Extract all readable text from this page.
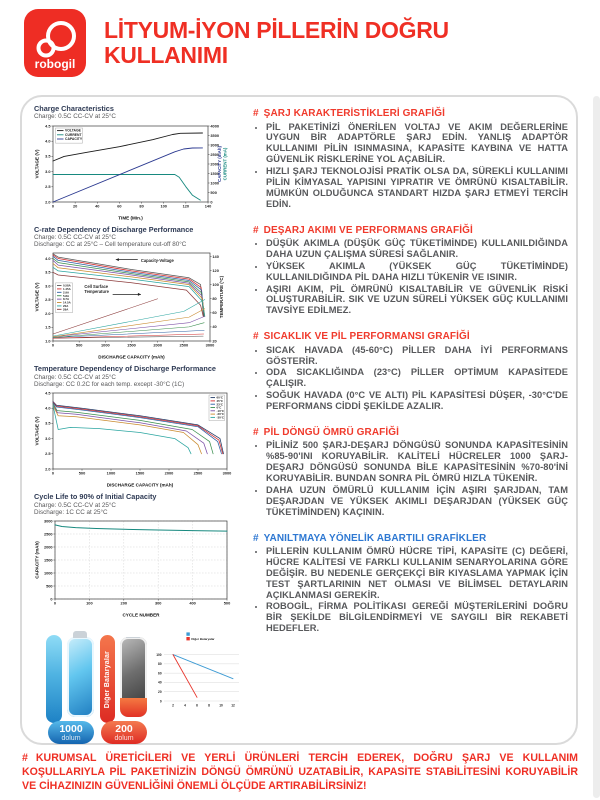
robogil
LİTYUM-İYON PİLLERİN DOĞRU KULLANIMI
Charge Characteristics
Charge: 0.5C CC-CV at 25°C
0	20	40	60	80	100	120	140
2.0
2.5
3.0
3.5
4.0
4.5
0
500
1000
1500
2000
2500
3000
3500
4000
TIME (Min.)
VOLTAGE (V)	CAPACITY (mAh) CURRENT (mA)
VOLTAGE
CURRENT
CAPACITY
C-rate Dependency of Discharge Performance
Charge: 0.5C CC-CV at 25°C
Discharge: CC at 25°C – Cell temperature cut-off 80°C
0	500	1000	1500	2000	2500	3000
1.0
1.5
2.0
2.5
3.0
3.5
4.0
20
40
60
80
100
120
140
DISCHARGE CAPACITY (mAh)
VOLTAGE (V)	TEMPERATURE (°C)
0.58A
1.45A
2.9A
5.8A
8.7A
14.5A
20A
29A
Capacity-Voltage
Cell Surface
Temperature
Temperature Dependency of Discharge Performance
Charge: 0.5C CC-CV at 25°C
Discharge: CC 0.2C for each temp. except -30°C (1C)
0	500	1000	1500	2000	2500	3000
2.0
2.5
3.0
3.5
4.0
4.5
DISCHARGE CAPACITY (mAh)
VOLTAGE (V)
60°C
45°C
23°C
0°C
-10°C
-20°C
-30°C
Cycle Life to 90% of Initial Capacity
Charge: 0.5C CC-CV at 25°C
Discharge: 1C CC at 25°C
0	100	200	300	400	500
0
500
1000
1500
2000
2500
3000
CYCLE NUMBER
CAPACITY (mAh)
1000
dolum
Diğer Bataryalar
200
dolum
2	4	6	8	10	12
0
20
40
60
80
100
Diğer Bataryalar
# ŞARJ KARAKTERİSTİKLERİ GRAFİĞİ
• PİL PAKETİNİZİ ÖNERİLEN VOLTAJ VE AKIM DEĞERLERİNE UYGUN BİR ADAPTÖRLE ŞARJ EDİN. YANLIŞ ADAPTÖR KULLANIMI PİLİN ISINMASINA, KAPASİTE KAYBINA VE HATTA GÜVENLİK RİSKLERİNE YOL AÇABİLİR.
• HIZLI ŞARJ TEKNOLOJİSİ PRATİK OLSA DA, SÜREKLİ KULLANIMI PİLİN KİMYASAL YAPISINI YIPRATIR VE ÖMRÜNÜ KISALTABİLİR. MÜMKÜN OLDUĞUNCA STANDART HIZDA ŞARJ ETMEYİ TERCİH EDİN.
# DEŞARJ AKIMI VE PERFORMANS GRAFİĞİ
• DÜŞÜK AKIMLA (DÜŞÜK GÜÇ TÜKETİMİNDE) KULLANILDIĞINDA DAHA UZUN ÇALIŞMA SÜRESİ SAĞLANIR.
• YÜKSEK AKIMLA (YÜKSEK GÜÇ TÜKETİMİNDE) KULLANILDIĞINDA PİL DAHA HIZLI TÜKENİR VE ISINIR.
• AŞIRI AKIM, PİL ÖMRÜNÜ KISALTABİLİR VE GÜVENLİK RİSKİ OLUŞTURABİLİR. SIK VE UZUN SÜRELİ YÜKSEK GÜÇ KULLANIMI TAVSİYE EDİLMEZ.
# SICAKLIK VE PİL PERFORMANSI GRAFİĞİ
• SICAK HAVADA (45-60°C) PİLLER DAHA İYİ PERFORMANS GÖSTERİR.
• ODA SICAKLIĞINDA (23°C) PİLLER OPTİMUM KAPASİTEDE ÇALIŞIR.
• SOĞUK HAVADA (0°C VE ALTI) PİL KAPASİTESİ DÜŞER, -30°C'DE PERFORMANS CİDDİ ŞEKİLDE AZALIR.
# PİL DÖNGÜ ÖMRÜ GRAFİĞİ
• PİLİNİZ 500 ŞARJ-DEŞARJ DÖNGÜSÜ SONUNDA KAPASİTESİNİN %85-90'INI KORUYABİLİR. KALİTELİ HÜCRELER 1000 ŞARJ-DEŞARJ DÖNGÜSÜ SONUNDA BİLE KAPASİTESİNİN %70-80'İNİ KORUYABİLİR. BUNDAN SONRA PİL ÖMRÜ HIZLA TÜKENİR.
• DAHA UZUN ÖMÜRLÜ KULLANIM İÇİN AŞIRI ŞARJDAN, TAM DEŞARJDAN VE YÜKSEK AKIMLI DEŞARJDAN (YÜKSEK GÜÇ TÜKETİMİNDEN) KAÇININ.
# YANILTMAYA YÖNELİK ABARTILI GRAFİKLER
• PİLLERİN KULLANIM ÖMRÜ HÜCRE TİPİ, KAPASİTE (C) DEĞERİ, HÜCRE KALİTESİ VE FARKLI KULLANIM SENARYOLARINA GÖRE DEĞİŞİR. BU NEDENLE GERÇEKÇİ BİR KIYASLAMA YAPMAK İÇİN TEST ŞARTLARININ NET OLMASI VE BİLİMSEL DETAYLARIN AÇIKLANMASI GEREKİR.
• ROBOGİL, FİRMA POLİTİKASI GEREĞİ MÜŞTERİLERİNİ DOĞRU BİR ŞEKİLDE BİLGİLENDİRMEYİ VE SAYGILI BİR REKABETİ HEDEFLER.
# KURUMSAL ÜRETİCİLERİ VE YERLİ ÜRÜNLERİ TERCİH EDEREK, DOĞRU ŞARJ VE KULLANIM KOŞULLARIYLA PİL PAKETİNİZİN DÖNGÜ ÖMRÜNÜ UZATABİLİR, KAPASİTE STABİLİTESİNİ KORUYABİLİR VE CİHAZINIZIN GÜVENLİĞİNİ ÖNEMLİ ÖLÇÜDE ARTIRABİLİRSİNİZ!
